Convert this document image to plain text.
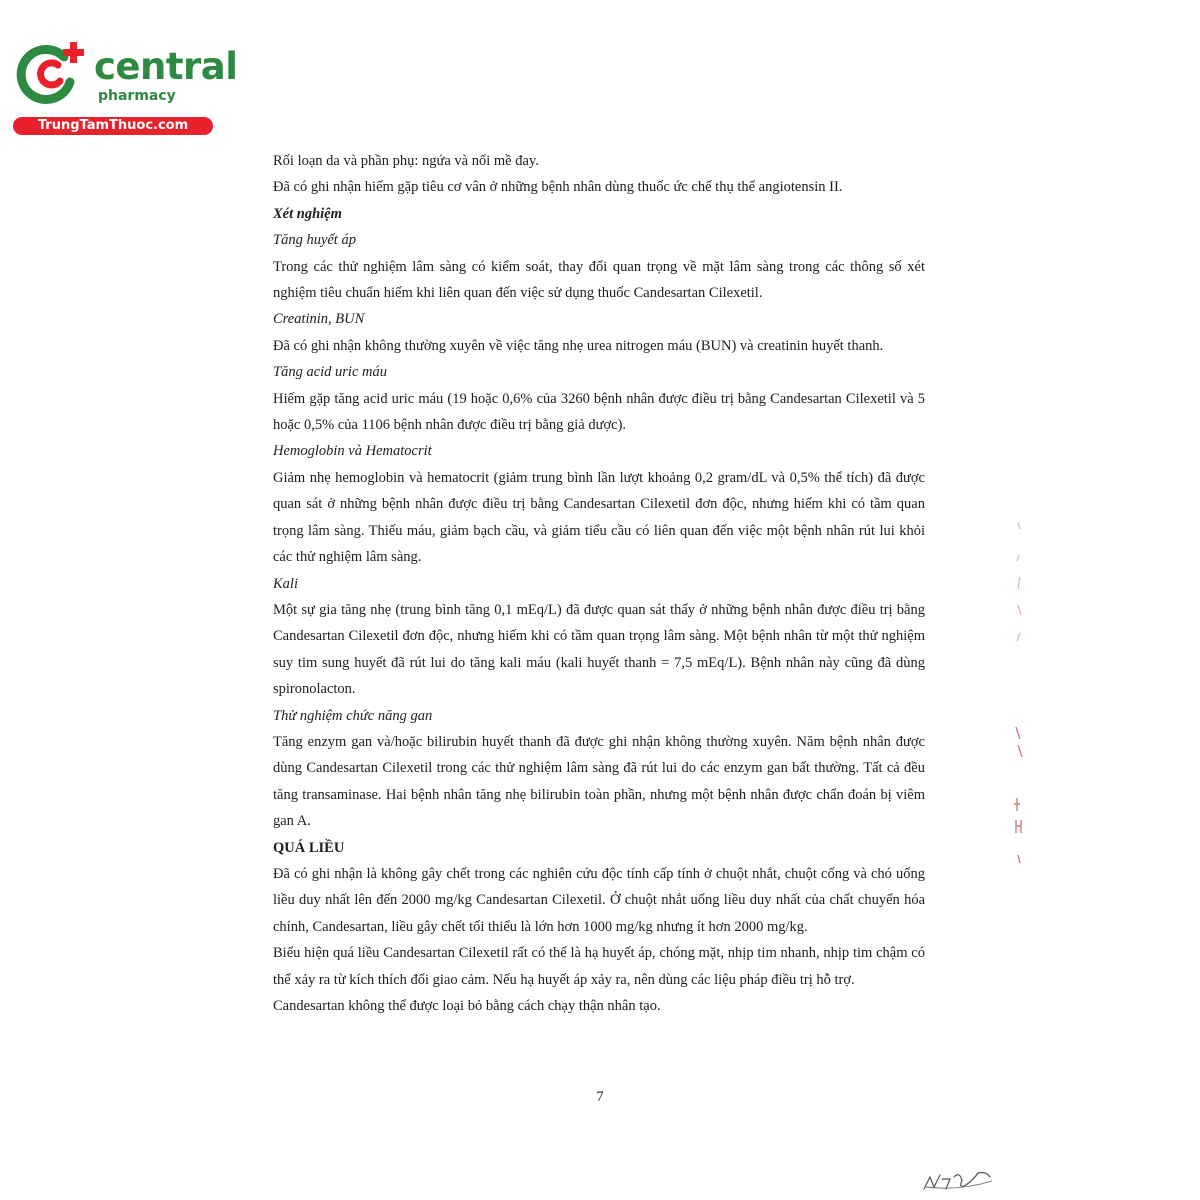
central
pharmacy
TrungTamThuoc.com

Rối loạn da và phần phụ: ngứa và nổi mề đay.

Đã có ghi nhận hiếm gặp tiêu cơ vân ở những bệnh nhân dùng thuốc ức chế thụ thể angiotensin II.

Xét nghiệm
Tăng huyết áp

Trong các thử nghiệm lâm sàng có kiểm soát, thay đổi quan trọng về mặt lâm sàng trong các thông số xét nghiệm tiêu chuẩn hiếm khi liên quan đến việc sử dụng thuốc Candesartan Cilexetil.

Creatinin, BUN

Đã có ghi nhận không thường xuyên về việc tăng nhẹ urea nitrogen máu (BUN) và creatinin huyết thanh.

Tăng acid uric máu

Hiếm gặp tăng acid uric máu (19 hoặc 0,6% của 3260 bệnh nhân được điều trị bằng Candesartan Cilexetil và 5 hoặc 0,5% của 1106 bệnh nhân được điều trị bằng giả dược).

Hemoglobin và Hematocrit

Giảm nhẹ hemoglobin và hematocrit (giảm trung bình lần lượt khoảng 0,2 gram/dL và 0,5% thể tích) đã được quan sát ở những bệnh nhân được điều trị bằng Candesartan Cilexetil đơn độc, nhưng hiếm khi có tầm quan trọng lâm sàng. Thiếu máu, giảm bạch cầu, và giảm tiểu cầu có liên quan đến việc một bệnh nhân rút lui khỏi các thử nghiệm lâm sàng.

Kali

Một sự gia tăng nhẹ (trung bình tăng 0,1 mEq/L) đã được quan sát thấy ở những bệnh nhân được điều trị bằng Candesartan Cilexetil đơn độc, nhưng hiếm khi có tầm quan trọng lâm sàng. Một bệnh nhân từ một thử nghiệm suy tim sung huyết đã rút lui do tăng kali máu (kali huyết thanh = 7,5 mEq/L). Bệnh nhân này cũng đã dùng spironolacton.

Thử nghiệm chức năng gan

Tăng enzym gan và/hoặc bilirubin huyết thanh đã được ghi nhận không thường xuyên. Năm bệnh nhân được dùng Candesartan Cilexetil trong các thử nghiệm lâm sàng đã rút lui do các enzym gan bất thường. Tất cả đều tăng transaminase. Hai bệnh nhân tăng nhẹ bilirubin toàn phần, nhưng một bệnh nhân được chẩn đoán bị viêm gan A.

QUÁ LIỀU

Đã có ghi nhận là không gây chết trong các nghiên cứu độc tính cấp tính ở chuột nhắt, chuột cống và chó uống liều duy nhất lên đến 2000 mg/kg Candesartan Cilexetil. Ở chuột nhắt uống liều duy nhất của chất chuyển hóa chính, Candesartan, liều gây chết tối thiểu là lớn hơn 1000 mg/kg nhưng ít hơn 2000 mg/kg.

Biểu hiện quá liều Candesartan Cilexetil rất có thể là hạ huyết áp, chóng mặt, nhịp tim nhanh, nhịp tim chậm có thể xảy ra từ kích thích đối giao cảm. Nếu hạ huyết áp xảy ra, nên dùng các liệu pháp điều trị hỗ trợ.

Candesartan không thể được loại bỏ bằng cách chạy thận nhân tạo.

7
